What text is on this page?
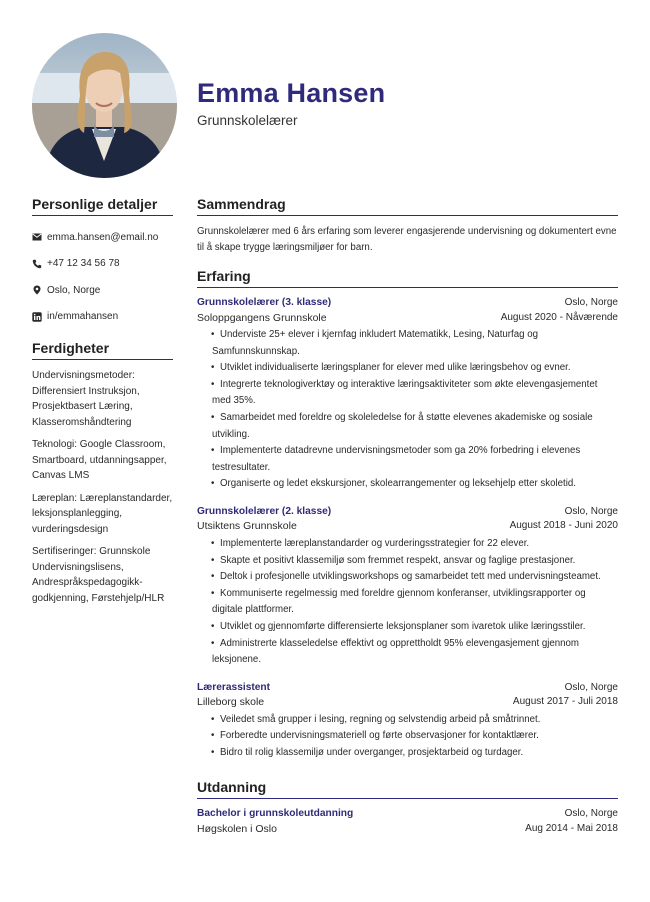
Emma Hansen
Grunnskolelærer
Personlige detaljer
emma.hansen@email.no
+47 12 34 56 78
Oslo, Norge
in/emmahansen
Ferdigheter
Undervisningsmetoder: Differensiert Instruksjon, Prosjektbasert Læring, Klasseromshåndtering
Teknologi: Google Classroom, Smartboard, utdanningsapper, Canvas LMS
Læreplan: Læreplanstandarder, leksjonsplanlegging, vurderingsdesign
Sertifiseringer: Grunnskole Undervisningslisens, Andrespråkspedagogikk-godkjenning, Førstehjelp/HLR
Sammendrag
Grunnskolelærer med 6 års erfaring som leverer engasjerende undervisning og dokumentert evne til å skape trygge læringsmiljøer for barn.
Erfaring
Grunnskolelærer (3. klasse)	Oslo, Norge
Soloppgangens Grunnskole	August 2020 - Nåværende
• Underviste 25+ elever i kjernfag inkludert Matematikk, Lesing, Naturfag og Samfunnskunnskap.
• Utviklet individualiserte læringsplaner for elever med ulike læringsbehov og evner.
• Integrerte teknologiverktøy og interaktive læringsaktiviteter som økte elevengasjementet med 35%.
• Samarbeidet med foreldre og skoleledelse for å støtte elevenes akademiske og sosiale utvikling.
• Implementerte datadrevne undervisningsmetoder som ga 20% forbedring i elevenes testresultater.
• Organiserte og ledet ekskursjoner, skolearrangementer og leksehjelp etter skoletid.
Grunnskolelærer (2. klasse)	Oslo, Norge
Utsiktens Grunnskole	August 2018 - Juni 2020
• Implementerte læreplanstandarder og vurderingsstrategier for 22 elever.
• Skapte et positivt klassemiljø som fremmet respekt, ansvar og faglige prestasjoner.
• Deltok i profesjonelle utviklingsworkshops og samarbeidet tett med undervisningsteamet.
• Kommuniserte regelmessig med foreldre gjennom konferanser, utviklingsrapporter og digitale plattformer.
• Utviklet og gjennomførte differensierte leksjonsplaner som ivaretok ulike læringsstiler.
• Administrerte klasseledelse effektivt og opprettholdt 95% elevengasjement gjennom leksjonene.
Lærerassistent	Oslo, Norge
Lilleborg skole	August 2017 - Juli 2018
• Veiledet små grupper i lesing, regning og selvstendig arbeid på småtrinnet.
• Forberedte undervisningsmateriell og førte observasjoner for kontaktlærer.
• Bidro til rolig klassemiljø under overganger, prosjektarbeid og turdager.
Utdanning
Bachelor i grunnskoleutdanning	Oslo, Norge
Høgskolen i Oslo	Aug 2014 - Mai 2018
